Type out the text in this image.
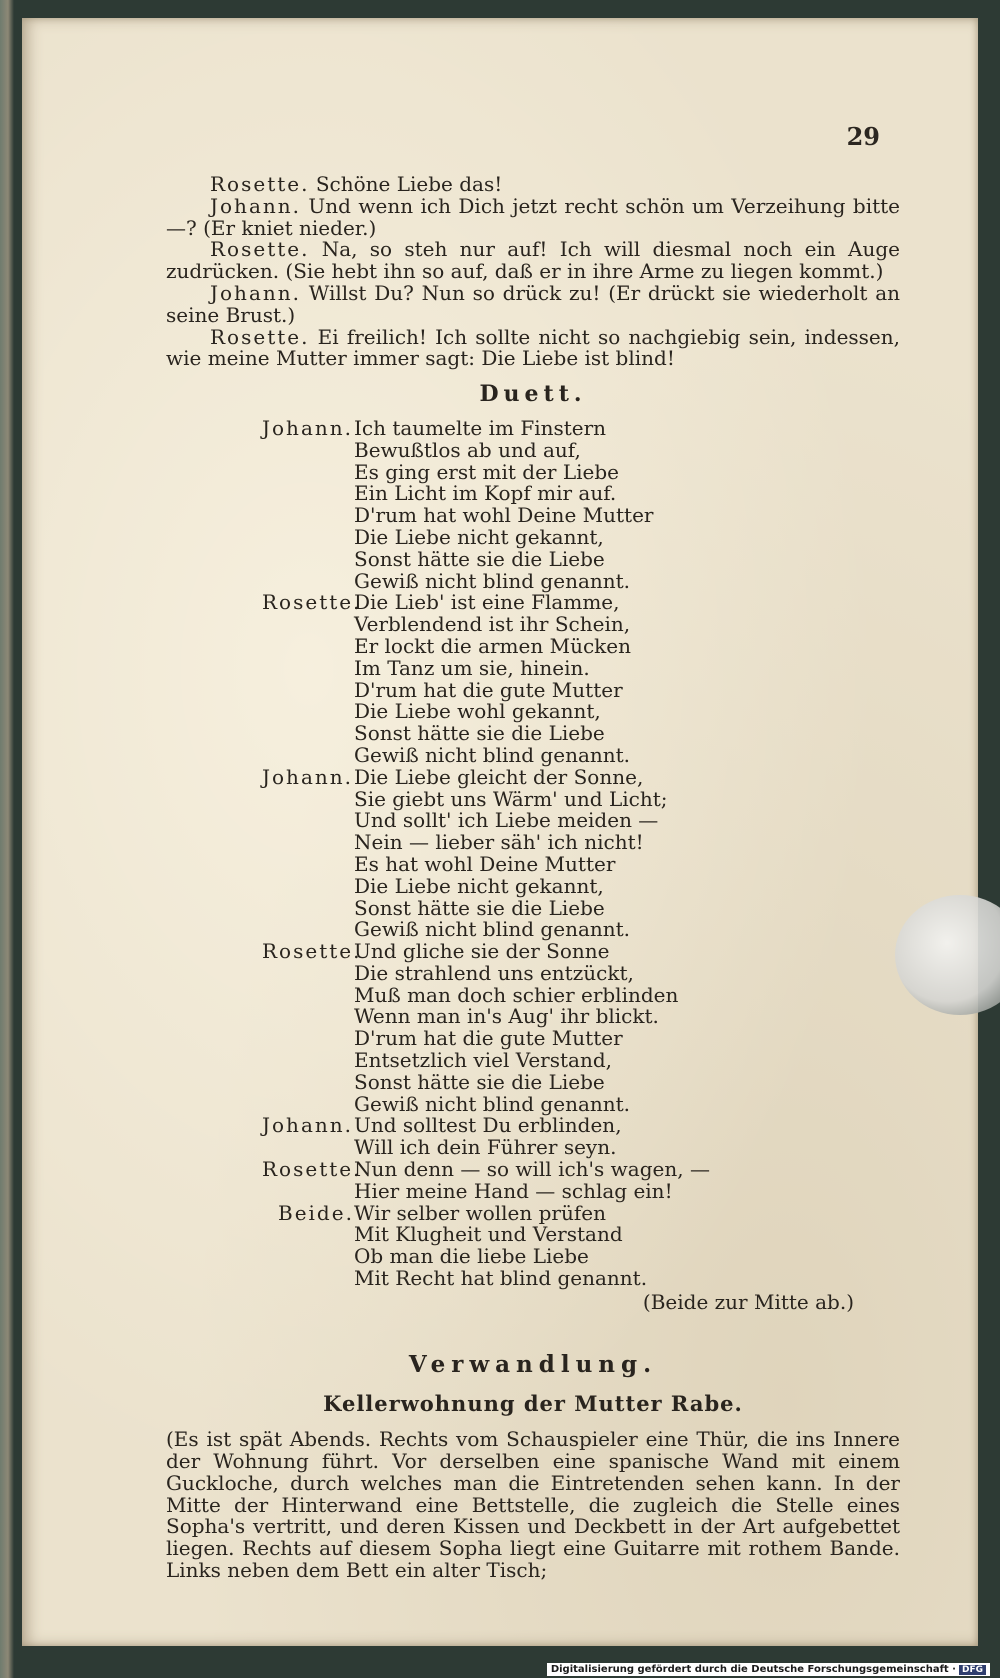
29

Rosette. Schöne Liebe das!

Johann. Und wenn ich Dich jetzt recht schön um Verzeihung bitte —? (Er kniet nieder.)

Rosette. Na, so steh nur auf! Ich will diesmal noch ein Auge zudrücken. (Sie hebt ihn so auf, daß er in ihre Arme zu liegen kommt.)

Johann. Willst Du? Nun so drück zu! (Er drückt sie wiederholt an seine Brust.)

Rosette. Ei freilich! Ich sollte nicht so nachgiebig sein, indessen, wie meine Mutter immer sagt: Die Liebe ist blind!

Duett.
Johann. Ich taumelte im Finstern
Bewußtlos ab und auf,
Es ging erst mit der Liebe
Ein Licht im Kopf mir auf.
D'rum hat wohl Deine Mutter
Die Liebe nicht gekannt,
Sonst hätte sie die Liebe
Gewiß nicht blind genannt.
Rosette.
Die Lieb' ist eine Flamme,
Verblendend ist ihr Schein,
Er lockt die armen Mücken
Im Tanz um sie, hinein.
D'rum hat die gute Mutter
Die Liebe wohl gekannt,
Sonst hätte sie die Liebe
Gewiß nicht blind genannt.
Johann. Die Liebe gleicht der Sonne,
Sie giebt uns Wärm' und Licht;
Und sollt' ich Liebe meiden —
Nein — lieber säh' ich nicht!
Es hat wohl Deine Mutter
Die Liebe nicht gekannt,
Sonst hätte sie die Liebe
Gewiß nicht blind genannt.
Rosette.
Und gliche sie der Sonne
Die strahlend uns entzückt,
Muß man doch schier erblinden
Wenn man in's Aug' ihr blickt.
D'rum hat die gute Mutter
Entsetzlich viel Verstand,
Sonst hätte sie die Liebe
Gewiß nicht blind genannt.
Johann. Und solltest Du erblinden,
Will ich dein Führer seyn.
Rosette.
Nun denn — so will ich's wagen, —
Hier meine Hand — schlag ein!
Beide. Wir selber wollen prüfen
Mit Klugheit und Verstand
Ob man die liebe Liebe
Mit Recht hat blind genannt.
(Beide zur Mitte ab.)
Verwandlung.
Kellerwohnung der Mutter Rabe.

(Es ist spät Abends. Rechts vom Schauspieler eine Thür, die ins Innere der Wohnung führt. Vor derselben eine spanische Wand mit einem Guckloche, durch welches man die Eintretenden sehen kann. In der Mitte der Hinterwand eine Bettstelle, die zugleich die Stelle eines Sopha's vertritt, und deren Kissen und Deckbett in der Art aufgebettet liegen. Rechts auf diesem Sopha liegt eine Guitarre mit rothem Bande. Links neben dem Bett ein alter Tisch;

Digitalisierung gefördert durch die Deutsche Forschungsgemeinschaft · DFG
